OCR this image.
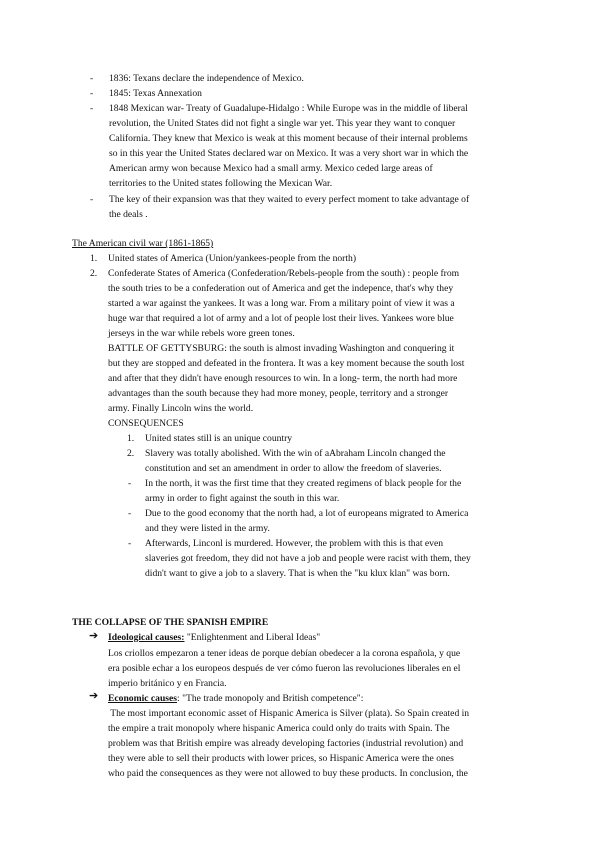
- 1836: Texans declare the independence of Mexico.
- 1845: Texas Annexation
- 1848 Mexican war- Treaty of Guadalupe-Hidalgo : While Europe was in the middle of liberal
revolution, the United States did not fight a single war yet. This year they want to conquer
California. They knew that Mexico is weak at this moment because of their internal problems
so in this year the United States declared war on Mexico. It was a very short war in which the
American army won because Mexico had a small army. Mexico ceded large areas of
territories to the United states following the Mexican War.
- The key of their expansion was that they waited to every perfect moment to take advantage of
the deals .
The American civil war (1861-1865)
1. United states of America (Union/yankees-people from the north)
2. Confederate States of America (Confederation/Rebels-people from the south) : people from
the south tries to be a confederation out of America and get the indepence, that's why they
started a war against the yankees. It was a long war. From a military point of view it was a
huge war that required a lot of army and a lot of people lost their lives. Yankees wore blue
jerseys in the war while rebels wore green tones.
BATTLE OF GETTYSBURG: the south is almost invading Washington and conquering it
but they are stopped and defeated in the frontera. It was a key moment because the south lost
and after that they didn't have enough resources to win. In a long- term, the north had more
advantages than the south because they had more money, people, territory and a stronger
army. Finally Lincoln wins the world.
CONSEQUENCES
1. United states still is an unique country
2. Slavery was totally abolished. With the win of aAbraham Lincoln changed the
constitution and set an amendment in order to allow the freedom of slaveries.
- In the north, it was the first time that they created regimens of black people for the
army in order to fight against the south in this war.
- Due to the good economy that the north had, a lot of europeans migrated to America
and they were listed in the army.
- Afterwards, Linconl is murdered. However, the problem with this is that even
slaveries got freedom, they did not have a job and people were racist with them, they
didn't want to give a job to a slavery. That is when the "ku klux klan" was born.
THE COLLAPSE OF THE SPANISH EMPIRE
➔ Ideological causes: "Enlightenment and Liberal Ideas"
Los criollos empezaron a tener ideas de porque debían obedecer a la corona española, y que
era posible echar a los europeos después de ver cómo fueron las revoluciones liberales en el
imperio británico y en Francia.
➔ Economic causes: "The trade monopoly and British competence":
The most important economic asset of Hispanic America is Silver (plata). So Spain created in
the empire a trait monopoly where hispanic America could only do traits with Spain. The
problem was that British empire was already developing factories (industrial revolution) and
they were able to sell their products with lower prices, so Hispanic America were the ones
who paid the consequences as they were not allowed to buy these products. In conclusion, the
